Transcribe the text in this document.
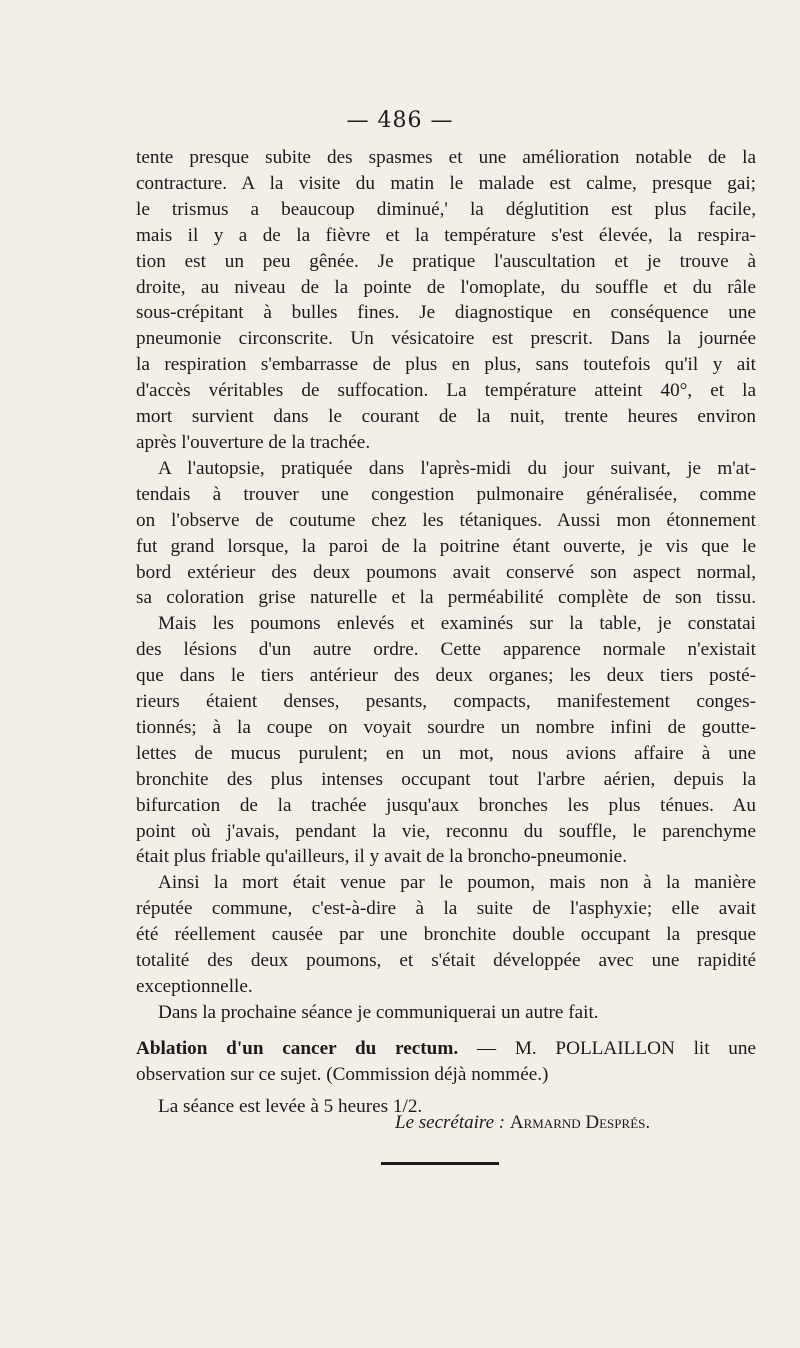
— 486 —
tente presque subite des spasmes et une amélioration notable de la
contracture. A la visite du matin le malade est calme, presque gai;
le trismus a beaucoup diminué,' la déglutition est plus facile,
mais il y a de la fièvre et la température s'est élevée, la respira-
tion est un peu gênée. Je pratique l'auscultation et je trouve à
droite, au niveau de la pointe de l'omoplate, du souffle et du râle
sous-crépitant à bulles fines. Je diagnostique en conséquence une
pneumonie circonscrite. Un vésicatoire est prescrit. Dans la journée
la respiration s'embarrasse de plus en plus, sans toutefois qu'il y ait
d'accès véritables de suffocation. La température atteint 40°, et la
mort survient dans le courant de la nuit, trente heures environ
après l'ouverture de la trachée.
A l'autopsie, pratiquée dans l'après-midi du jour suivant, je m'at-
tendais à trouver une congestion pulmonaire généralisée, comme
on l'observe de coutume chez les tétaniques. Aussi mon étonnement
fut grand lorsque, la paroi de la poitrine étant ouverte, je vis que le
bord extérieur des deux poumons avait conservé son aspect normal,
sa coloration grise naturelle et la perméabilité complète de son tissu.
Mais les poumons enlevés et examinés sur la table, je constatai
des lésions d'un autre ordre. Cette apparence normale n'existait
que dans le tiers antérieur des deux organes; les deux tiers posté-
rieurs étaient denses, pesants, compacts, manifestement conges-
tionnés; à la coupe on voyait sourdre un nombre infini de goutte-
lettes de mucus purulent; en un mot, nous avions affaire à une
bronchite des plus intenses occupant tout l'arbre aérien, depuis la
bifurcation de la trachée jusqu'aux bronches les plus ténues. Au
point où j'avais, pendant la vie, reconnu du souffle, le parenchyme
était plus friable qu'ailleurs, il y avait de la broncho-pneumonie.
Ainsi la mort était venue par le poumon, mais non à la manière
réputée commune, c'est-à-dire à la suite de l'asphyxie; elle avait
été réellement causée par une bronchite double occupant la presque
totalité des deux poumons, et s'était développée avec une rapidité
exceptionnelle.
Dans la prochaine séance je communiquerai un autre fait.
Ablation d'un cancer du rectum. — M. POLLAILLON lit une
observation sur ce sujet. (Commission déjà nommée.)
La séance est levée à 5 heures 1/2.
Le secrétaire : Armarnd Després.
